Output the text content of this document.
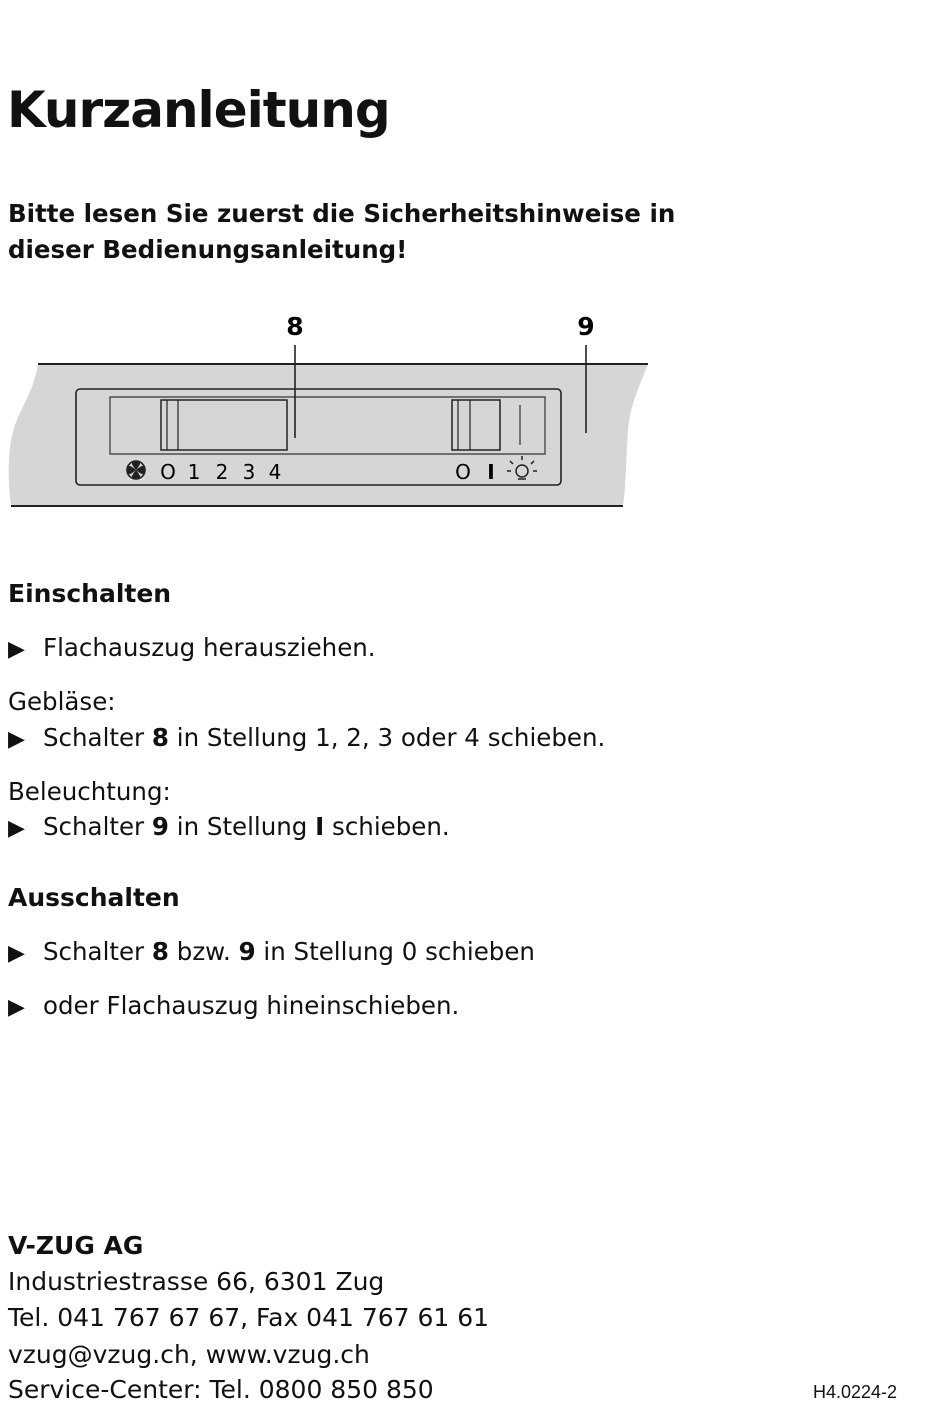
Kurzanleitung

Bitte lesen Sie zuerst die Sicherheitshinweise in dieser Bedienungsanleitung!

8	9
O 1 2 3 4	O I
Einschalten

▶ Flachauszug herausziehen.

Gebläse:

▶ Schalter 8 in Stellung 1, 2, 3 oder 4 schieben.

Beleuchtung:

▶ Schalter 9 in Stellung I schieben.

Ausschalten

▶ Schalter 8 bzw. 9 in Stellung 0 schieben

▶ oder Flachauszug hineinschieben.

V-ZUG AG
Industriestrasse 66, 6301 Zug
Tel. 041 767 67 67, Fax 041 767 61 61
vzug@vzug.ch, www.vzug.ch
Service-Center: Tel. 0800 850 850	H4.0224-2
